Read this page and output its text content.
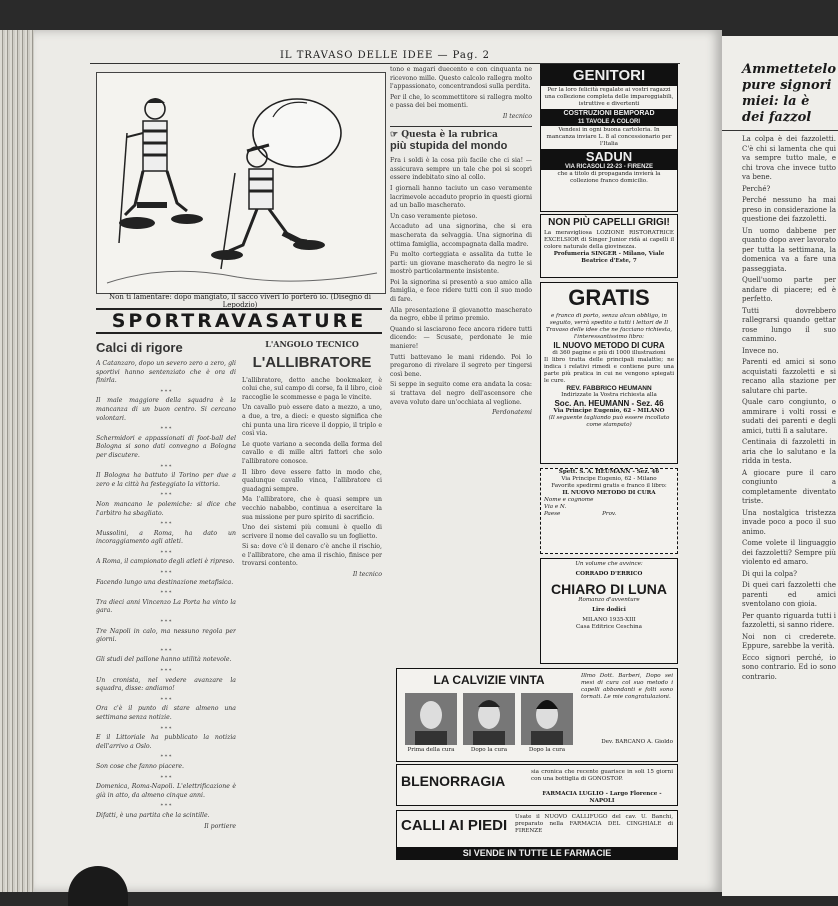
IL TRAVASO DELLE IDEE — Pag. 2
Non ti lamentare: dopo mangiato, il sacco viveri lo porterò io. (Disegno di Lepodzio)
SPORTRAVASATURE
Calci di rigore

A Catanzaro, dopo un severo zero a zero, gli sportivi hanno sentenziato che è ora di finirla.

* * *

Il male maggiore della squadra è la mancanza di un buon centro. Si cercano volontari.

* * *

Schermidori e appassionati di foot-ball del Bologna si sono dati convegno a Bologna per discutere.

* * *

Il Bologna ha battuto il Torino per due a zero e la città ha festeggiato la vittoria.

* * *

Non mancano le polemiche: si dice che l'arbitro ha sbagliato.

* * *

Mussolini, a Roma, ha dato un incoraggiamento agli atleti.

* * *

A Roma, il campionato degli atleti è ripreso.

* * *

Facendo lungo una destinazione metafisica.

* * *

Tra dieci anni Vincenzo La Porta ha vinto la gara.

* * *

Tre Napoli in calo, ma nessuno regola per giorni.

* * *

Gli studi del pallone hanno utilità notevole.

* * *

Un cronista, nel vedere avanzare la squadra, disse: andiamo!

* * *

Ora c'è il punto di stare almeno una settimana senza notizie.

* * *

E il Littoriale ha pubblicato la notizia dell'arrivo a Oslo.

* * *

Son cose che fanno piacere.

* * *

Domenica, Roma-Napoli. L'elettrificazione è già in atto, da almeno cinque anni.

* * *

Difatti, è una partita che la scintille.

Il portiere
L'ANGOLO TECNICO
L'ALLIBRATORE

L'allibratore, detto anche bookmaker, è colui che, sul campo di corse, fa il libro, cioè raccoglie le scommesse e paga le vincite.

Un cavallo può essere dato a mezzo, a uno, a due, a tre, a dieci: e questo significa che chi punta una lira riceve il doppio, il triplo e così via.

Le quote variano a seconda della forma del cavallo e di mille altri fattori che solo l'allibratore conosce.

Il libro deve essere fatto in modo che, qualunque cavallo vinca, l'allibratore ci guadagni sempre.

Ma l'allibratore, che è quasi sempre un vecchio nababbo, continua a esercitare la sua missione per puro spirito di sacrificio.

Uno dei sistemi più comuni è quello di scrivere il nome del cavallo su un foglietto.

Si sa: dove c'è il denaro c'è anche il rischio, e l'allibratore, che ama il rischio, finisce per trovarsi contento.

Il tecnico

tono e magari duecento e con cinquanta ne ricevono mille. Questo calcolo rallegra molto l'appassionato, concentrandosi sulla perdita.

Per il che, lo scommettitore si rallegra molto e passa dei bei momenti.

Il tecnico
☞ Questa è la rubrica
più stupida del mondo

Fra i soldi è la cosa più facile che ci sia! — assicurava sempre un tale che poi si scoprì essere indebitato sino al collo.

I giornali hanno taciuto un caso veramente lacrimevole accaduto proprio in questi giorni ad un ballo mascherato.

Un caso veramente pietoso.

Accaduto ad una signorina, che si era mascherata da selvaggia. Una signorina di ottima famiglia, accompagnata dalla madre.

Fu molto corteggiata e assalita da tutte le parti: un giovane mascherato da negro le si mostrò particolarmente insistente.

Poi la signorina si presentò a suo amico alla famiglia, e fece ridere tutti con il suo modo di fare.

Alla presentazione il giovanotto mascherato da negro, ebbe il primo premio.

Quando si lasciarono fece ancora ridere tutti dicendo: — Scusate, perdonate le mie maniere!

Tutti battevano le mani ridendo. Poi lo pregarono di rivelare il segreto per tingersi così bene.

Si seppe in seguito come era andata la cosa: si trattava del negro dell'ascensore che aveva voluto dare un'occhiata al veglione.

Perdonatemi
GENITORI
Per la loro felicità regalate ai vostri ragazzi una collezione completa delle impareggiabili, istruttive e divertenti
COSTRUZIONI BEMPORAD
11 TAVOLE A COLORI
Vendesi in ogni buona cartoleria. In mancanza inviare L. 8 al concessionario per l'Italia
SADUN
VIA RICASOLI 22-23 - FIRENZE
che a titolo di propaganda invierà la collezione franco domicilio.
NON PIÙ CAPELLI GRIGI!
La meravigliosa LOZIONE RISTORATRICE EXCELSIOR di Singer Junior ridà ai capelli il colore naturale della giovinezza.
Profumeria SINGER - Milano, Viale Beatrice d'Este, 7
GRATIS
e franco di porto, senza alcun obbligo, in seguito, verrà spedito a tutti i lettori de Il Travaso delle idee che ne facciano richiesta, l'interessantissimo libro:
IL NUOVO METODO DI CURA
di 360 pagine e più di 1000 illustrazioni
Il libro tratta delle principali malattie; ne indica i relativi rimedi e contiene pure una parte più pratica in cui ne vengono spiegati le cure.
REV. FABBRICO HEUMANN
Indirizzate la Vostra richiesta alla
Soc. An. HEUMANN - Sez. 46
Via Principe Eugenio, 62 - MILANO
(Il seguente tagliando può essere incollato come stampato)
Spett. S. A. HEUMANN - Sez. 46
Via Principe Eugenio, 62 - Milano
Favorite spedirmi gratis e franco il libro:
IL NUOVO METODO DI CURA
Nome e cognome
Via e N.
Paese	Prov.
Un volume che avvince:
CORRADO D'ERRICO
CHIARO DI LUNA
Romanzo d'avventure
Lire dodici
MILANO 1935-XIII
Casa Editrice Ceschina
LA CALVIZIE VINTA
Prima della cura	Dopo la cura	Dopo la cura
Illmo Dott. Barberi, Dopo sei mesi di cura col suo metodo i capelli abbondanti e folti sono tornati. Le mie congratulazioni.
Dev. BARCANO A. Gioldo
BLENORRAGIA
sia cronica che recente guarisce in soli 15 giorni con una bottiglia di GONOSTOP.
FARMACIA LUGLIO - Largo Florence - NAPOLI
CALLI AI PIEDI	Usate il NUOVO CALLIFUGO del cav. U. Banchi, preparato nella FARMACIA DEL CINGHIALE di FIRENZE
SI VENDE IN TUTTE LE FARMACIE
Ammettetelo pure signori miei: la è dei fazzol

La colpa è dei fazzoletti. C'è chi si lamenta che qui va sempre tutto male, e chi trova che invece tutto va bene.

Perché?

Perché nessuno ha mai preso in considerazione la questione dei fazzoletti.

Un uomo dabbene per quanto dopo aver lavorato per tutta la settimana, la domenica va a fare una passeggiata.

Quell'uomo parte per andare di piacere; ed è perfetto.

Tutti dovrebbero rallegrarsi quando gettar rose lungo il suo cammino.

Invece no.

Parenti ed amici si sono acquistati fazzoletti e si recano alla stazione per salutare chi parte.

Quale caro congiunto, o ammirare i volti rossi e sudati dei parenti e degli amici, tutti lì a salutare.

Centinaia di fazzoletti in aria che lo salutano e la ridda in testa.

A giocare pure il caro congiunto a completamente diventato triste.

Una nostalgica tristezza invade poco a poco il suo animo.

Come volete il linguaggio dei fazzoletti? Sempre più violento ed amaro.

Di qui la colpa?

Di quei cari fazzoletti che parenti ed amici sventolano con gioia.

Per quanto riguarda tutti i fazzoletti, si sanno ridere.

Noi non ci crederete. Eppure, sarebbe la verità.

Ecco signori perché, io sono contrario. Ed io sono contrario.
